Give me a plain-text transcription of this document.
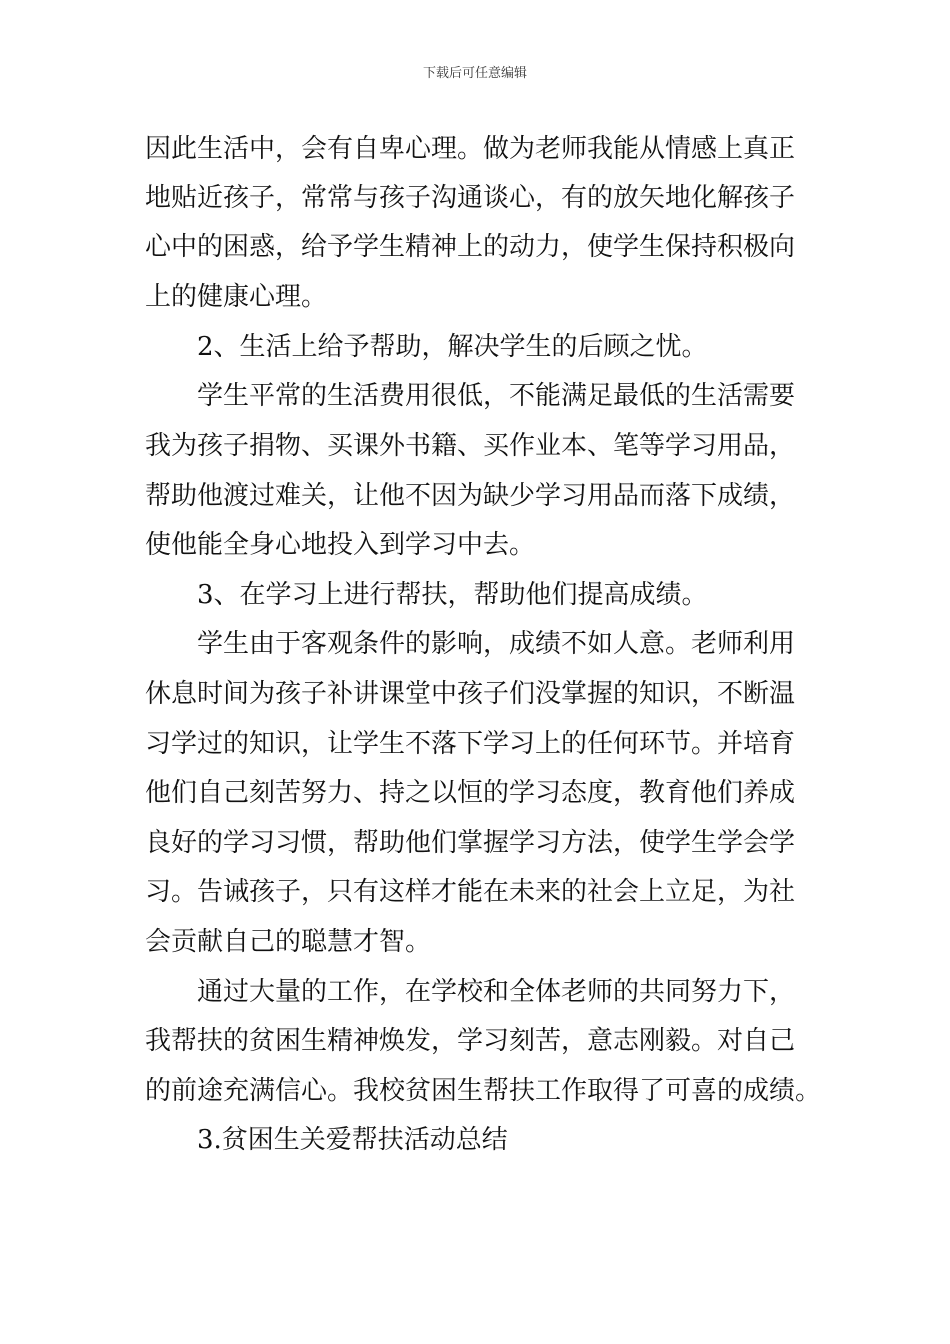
下载后可任意编辑
因此生活中，会有自卑心理。做为老师我能从情感上真正
地贴近孩子，常常与孩子沟通谈心，有的放矢地化解孩子
心中的困惑，给予学生精神上的动力，使学生保持积极向
上的健康心理。
2、生活上给予帮助，解决学生的后顾之忧。
学生平常的生活费用很低，不能满足最低的生活需要
我为孩子捐物、买课外书籍、买作业本、笔等学习用品，
帮助他渡过难关，让他不因为缺少学习用品而落下成绩，
使他能全身心地投入到学习中去。
3、在学习上进行帮扶，帮助他们提高成绩。
学生由于客观条件的影响，成绩不如人意。老师利用
休息时间为孩子补讲课堂中孩子们没掌握的知识，不断温
习学过的知识，让学生不落下学习上的任何环节。并培育
他们自己刻苦努力、持之以恒的学习态度，教育他们养成
良好的学习习惯，帮助他们掌握学习方法，使学生学会学
习。告诫孩子，只有这样才能在未来的社会上立足，为社
会贡献自己的聪慧才智。
通过大量的工作，在学校和全体老师的共同努力下，
我帮扶的贫困生精神焕发，学习刻苦，意志刚毅。对自己
的前途充满信心。我校贫困生帮扶工作取得了可喜的成绩。
3.贫困生关爱帮扶活动总结
